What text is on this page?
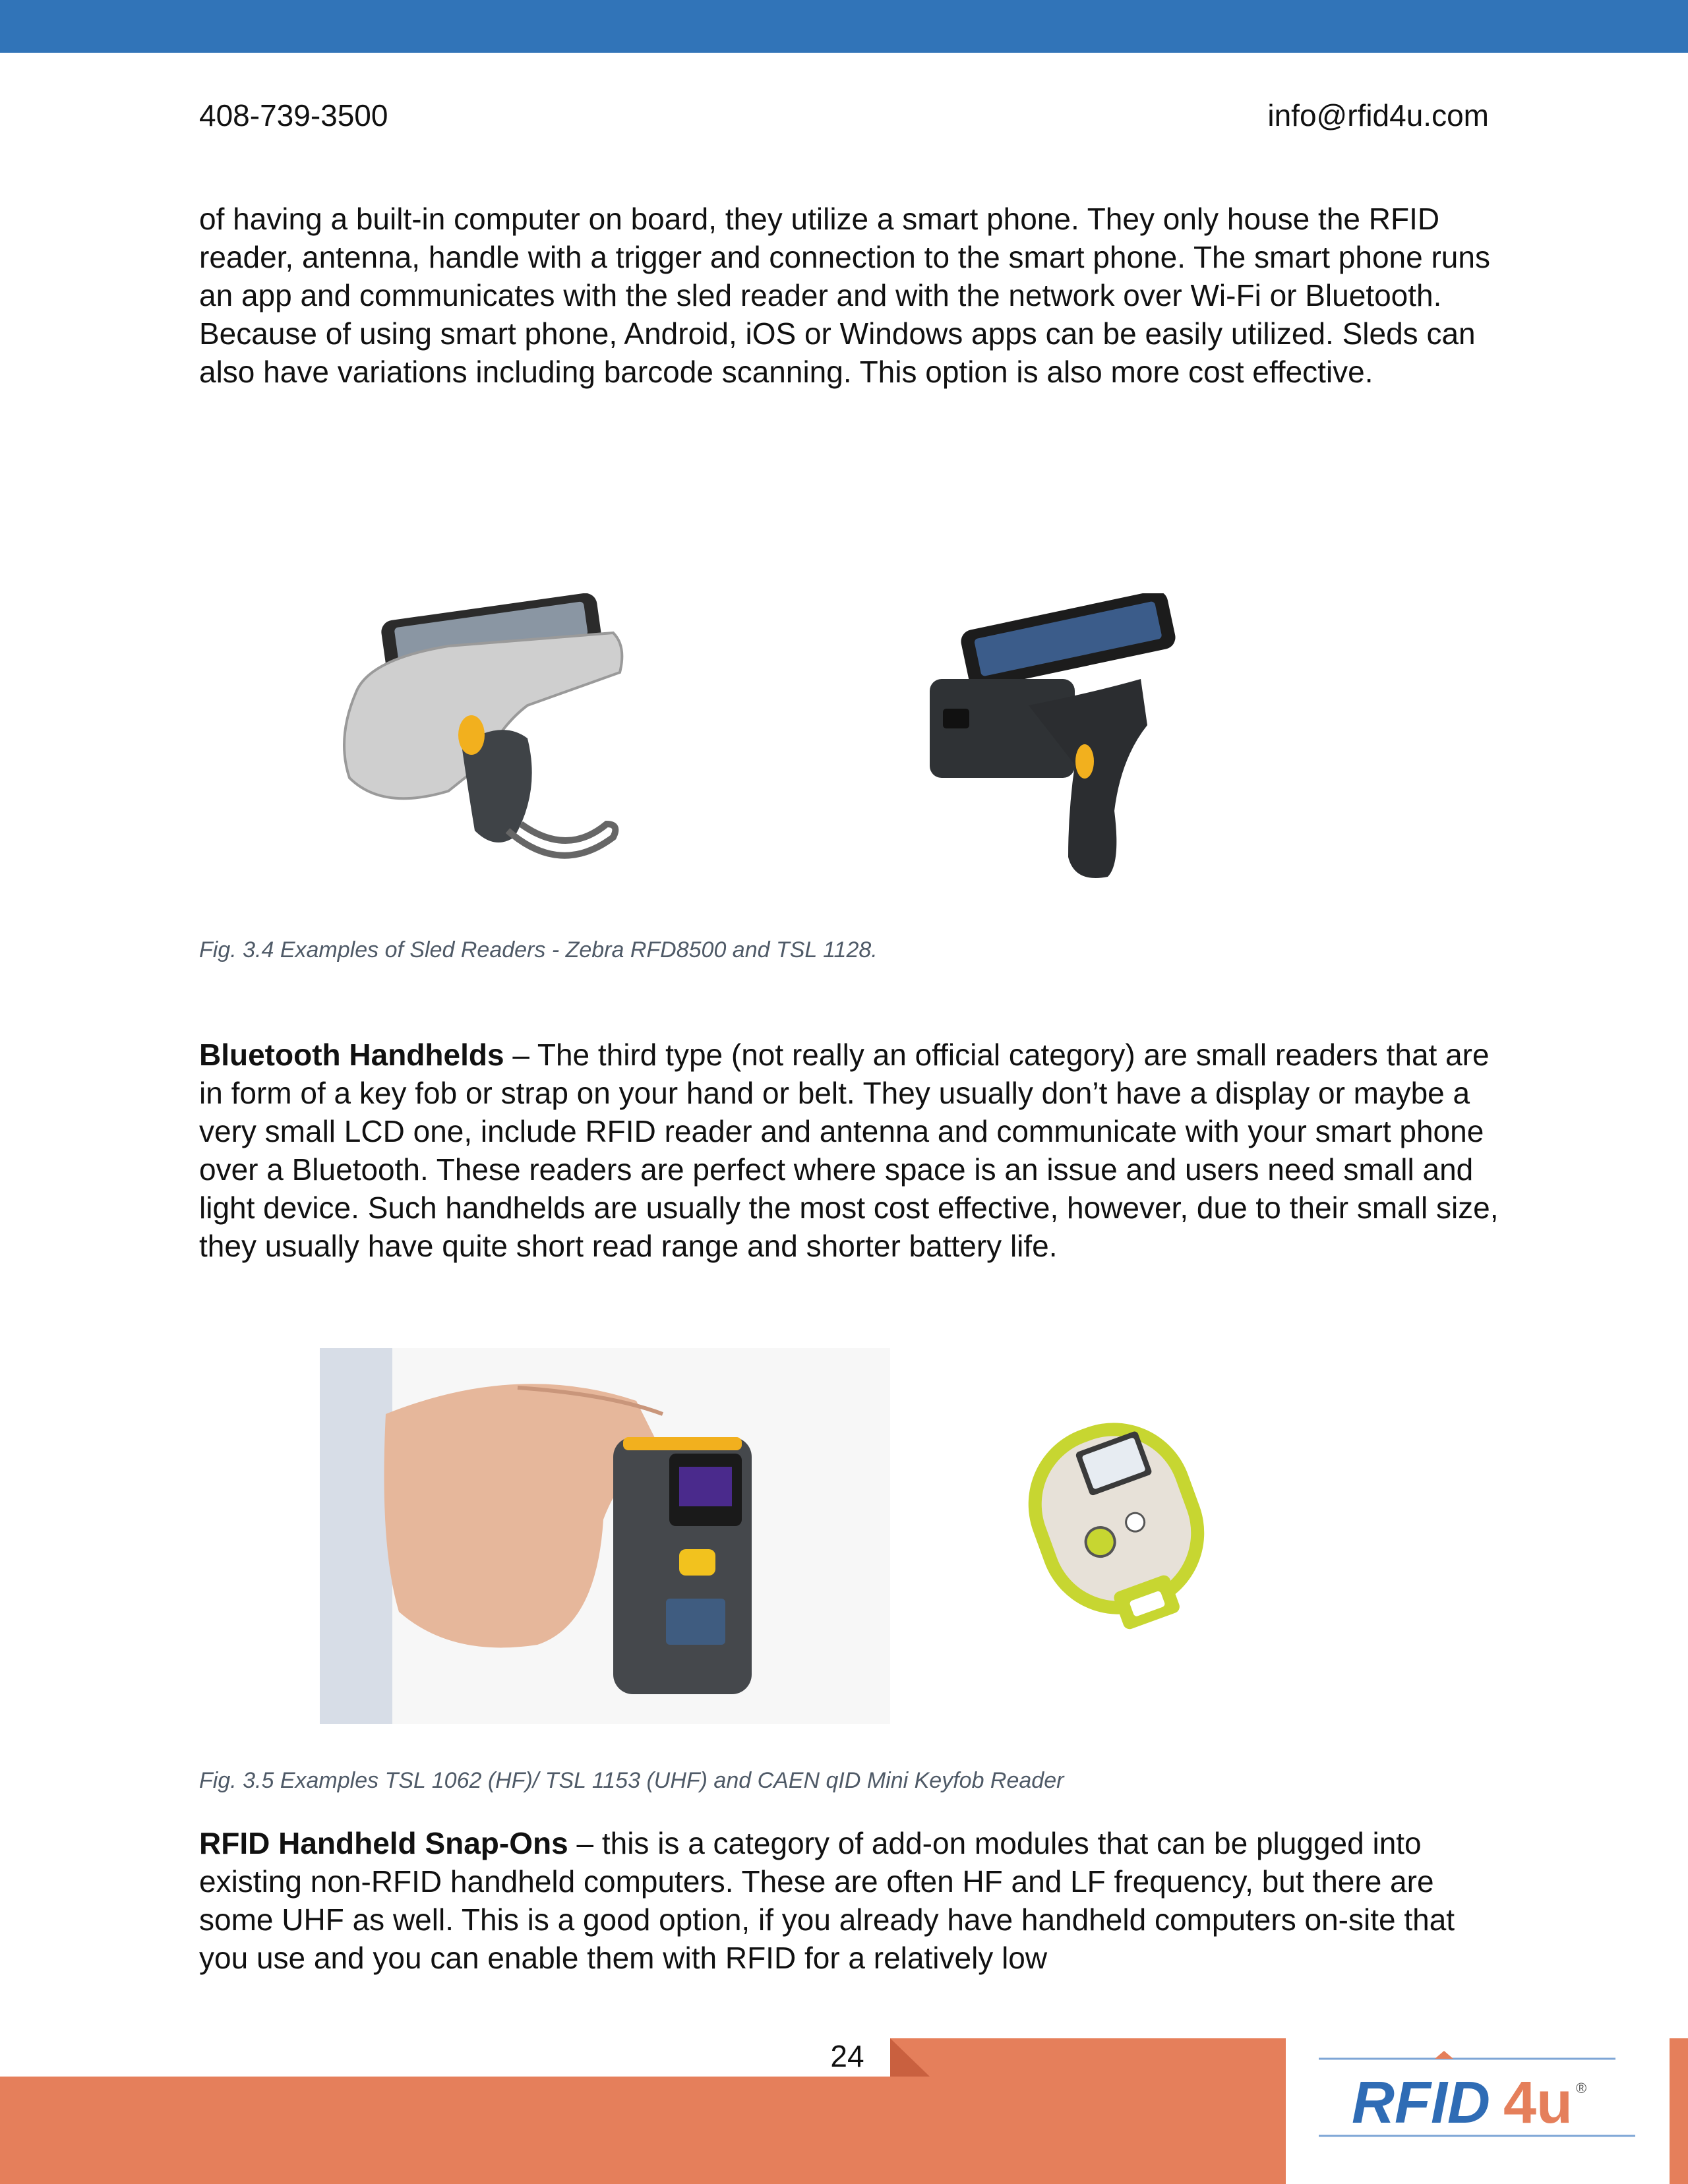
408-739-3500	info@rfid4u.com

of having a built-in computer on board, they utilize a smart phone. They only house the RFID reader, antenna, handle with a trigger and connection to the smart phone. The smart phone runs an app and communicates with the sled reader and with the network over Wi-Fi or Bluetooth. Because of using smart phone, Android, iOS or Windows apps can be easily utilized. Sleds can also have variations including barcode scanning. This option is also more cost effective.

Fig. 3.4 Examples of Sled Readers - Zebra RFD8500 and TSL 1128.

Bluetooth Handhelds – The third type (not really an official category) are small readers that are in form of a key fob or strap on your hand or belt. They usually don’t have a display or maybe a very small LCD one, include RFID reader and antenna and communicate with your smart phone over a Bluetooth. These readers are perfect where space is an issue and users need small and light device. Such handhelds are usually the most cost effective, however, due to their small size, they usually have quite short read range and shorter battery life.

Fig. 3.5 Examples TSL 1062 (HF)/ TSL 1153 (UHF) and CAEN qID Mini Keyfob Reader

RFID Handheld Snap-Ons – this is a category of add-on modules that can be plugged into existing non-RFID handheld computers. These are often HF and LF frequency, but there are some UHF as well. This is a good option, if you already have handheld computers on-site that you use and you can enable them with RFID for a relatively low

24
RFID 4u ®
